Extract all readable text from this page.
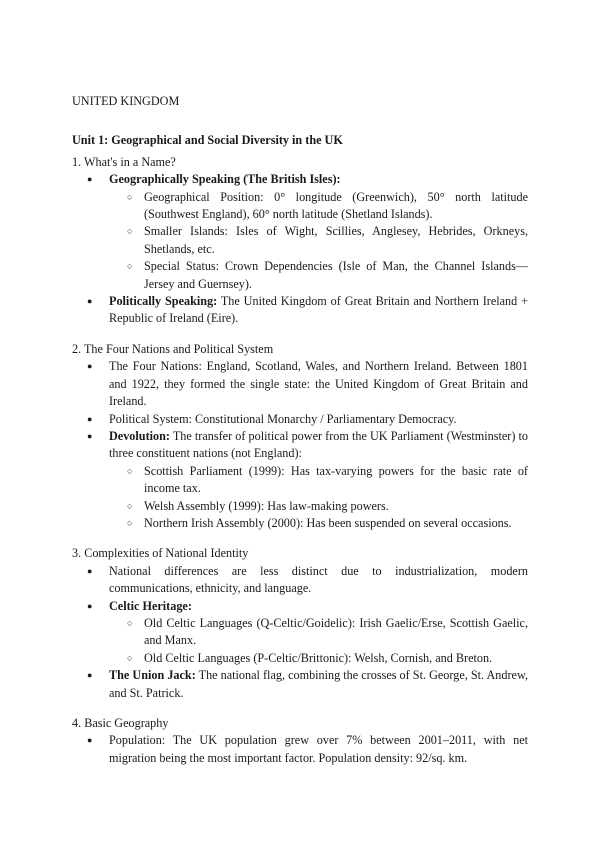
UNITED KINGDOM
Unit 1: Geographical and Social Diversity in the UK
1. What's in a Name?
● Geographically Speaking (The British Isles):
○ Geographical Position: 0° longitude (Greenwich), 50° north latitude (Southwest England), 60° north latitude (Shetland Islands).
○ Smaller Islands: Isles of Wight, Scillies, Anglesey, Hebrides, Orkneys, Shetlands, etc.
○ Special Status: Crown Dependencies (Isle of Man, the Channel Islands—Jersey and Guernsey).
● Politically Speaking: The United Kingdom of Great Britain and Northern Ireland + Republic of Ireland (Eire).
2. The Four Nations and Political System
● The Four Nations: England, Scotland, Wales, and Northern Ireland. Between 1801 and 1922, they formed the single state: the United Kingdom of Great Britain and Ireland.
● Political System: Constitutional Monarchy / Parliamentary Democracy.
● Devolution: The transfer of political power from the UK Parliament (Westminster) to three constituent nations (not England):
○ Scottish Parliament (1999): Has tax-varying powers for the basic rate of income tax.
○ Welsh Assembly (1999): Has law-making powers.
○ Northern Irish Assembly (2000): Has been suspended on several occasions.
3. Complexities of National Identity
● National differences are less distinct due to industrialization, modern communications, ethnicity, and language.
● Celtic Heritage:
○ Old Celtic Languages (Q-Celtic/Goidelic): Irish Gaelic/Erse, Scottish Gaelic, and Manx.
○ Old Celtic Languages (P-Celtic/Brittonic): Welsh, Cornish, and Breton.
● The Union Jack: The national flag, combining the crosses of St. George, St. Andrew, and St. Patrick.
4. Basic Geography
● Population: The UK population grew over 7% between 2001–2011, with net migration being the most important factor. Population density: 92/sq. km.
